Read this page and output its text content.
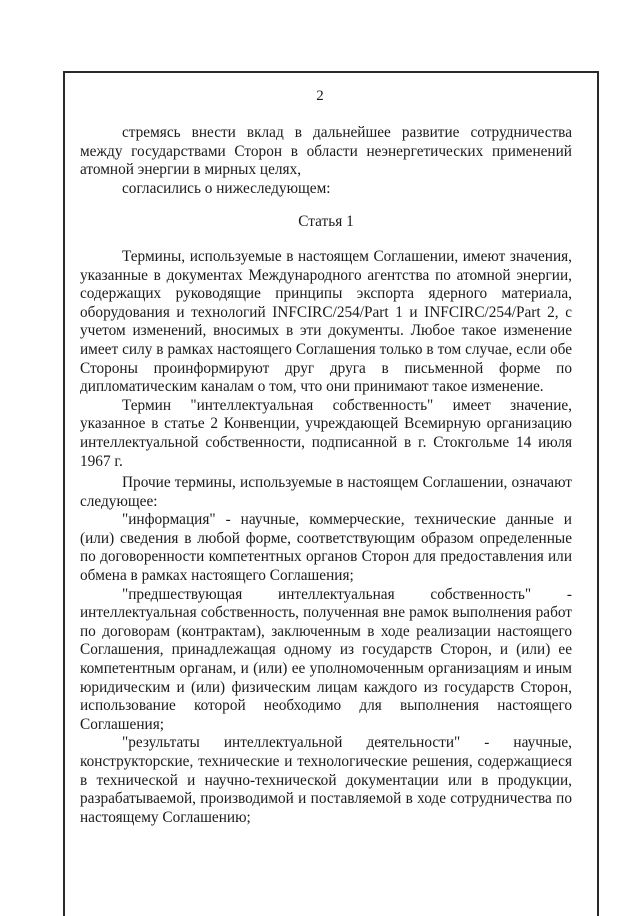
2

стремясь внести вклад в дальнейшее развитие сотрудничества между государствами Сторон в области неэнергетических применений атомной энергии в мирных целях,

согласились о нижеследующем:

Статья 1

Термины, используемые в настоящем Соглашении, имеют значения, указанные в документах Международного агентства по атомной энергии, содержащих руководящие принципы экспорта ядерного материала, оборудования и технологий INFCIRC/254/Part 1 и INFCIRC/254/Part 2, с учетом изменений, вносимых в эти документы. Любое такое изменение имеет силу в рамках настоящего Соглашения только в том случае, если обе Стороны проинформируют друг друга в письменной форме по дипломатическим каналам о том, что они принимают такое изменение.

Термин "интеллектуальная собственность" имеет значение, указанное в статье 2 Конвенции, учреждающей Всемирную организацию интеллектуальной собственности, подписанной в г. Стокгольме 14 июля 1967 г.

Прочие термины, используемые в настоящем Соглашении, означают следующее:

"информация" - научные, коммерческие, технические данные и (или) сведения в любой форме, соответствующим образом определенные по договоренности компетентных органов Сторон для предоставления или обмена в рамках настоящего Соглашения;

"предшествующая интеллектуальная собственность" - интеллектуальная собственность, полученная вне рамок выполнения работ по договорам (контрактам), заключенным в ходе реализации настоящего Соглашения, принадлежащая одному из государств Сторон, и (или) ее компетентным органам, и (или) ее уполномоченным организациям и иным юридическим и (или) физическим лицам каждого из государств Сторон, использование которой необходимо для выполнения настоящего Соглашения;

"результаты интеллектуальной деятельности" - научные, конструкторские, технические и технологические решения, содержащиеся в технической и научно-технической документации или в продукции, разрабатываемой, производимой и поставляемой в ходе сотрудничества по настоящему Соглашению;
